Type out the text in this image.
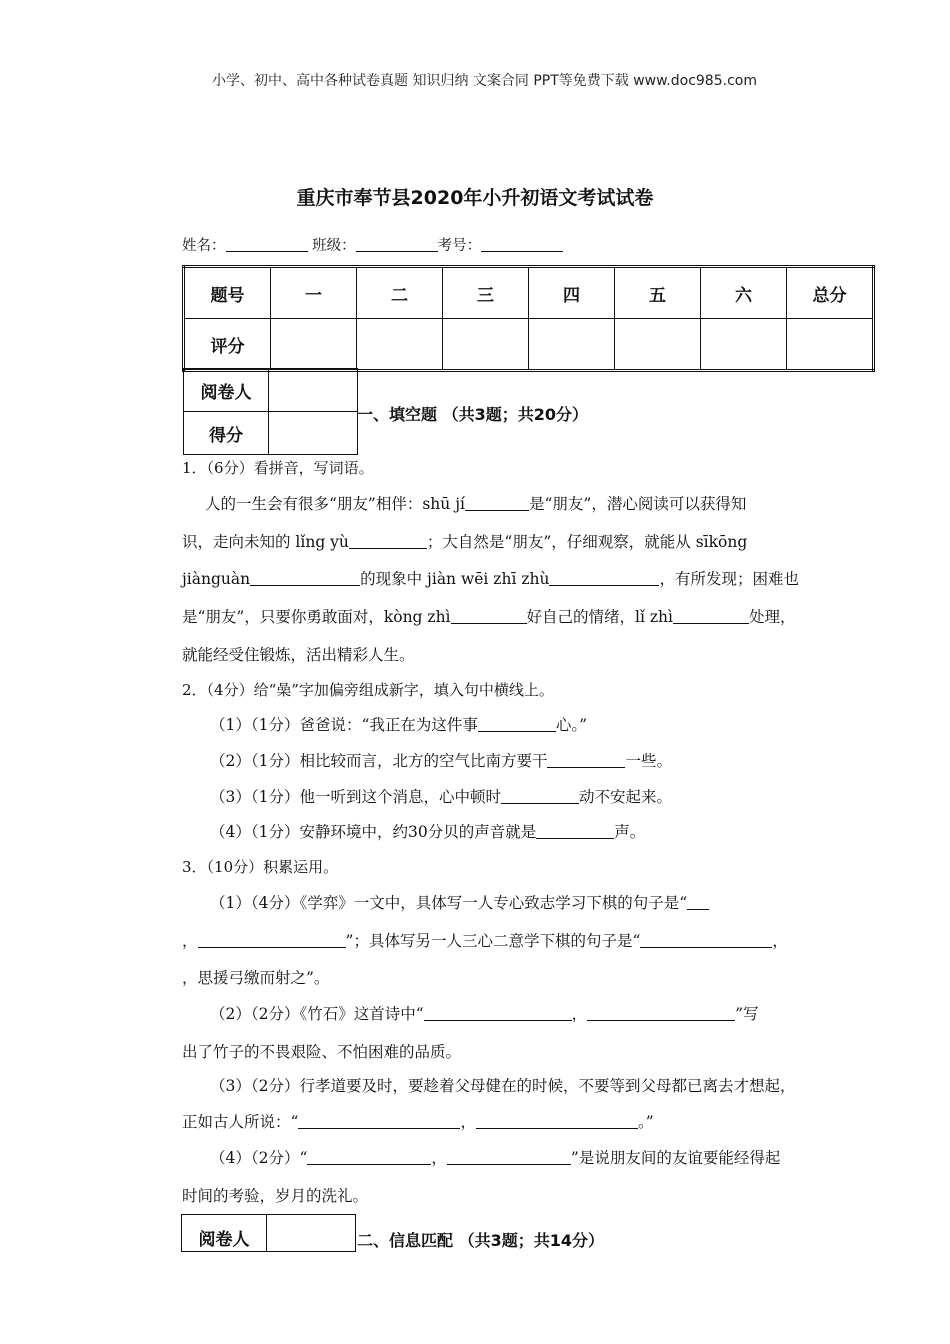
小学、初中、高中各种试卷真题 知识归纳 文案合同 PPT等免费下载 www.doc985.com
重庆市奉节县2020年小升初语文考试试卷
姓名：	班级：	考号：
题号	一	二	三	四	五	六	总分
评分							
阅卷人	
得分	
一、填空题 （共3题；共20分）
1．（6分）看拼音，写词语。
人的一生会有很多“朋友”相伴：shū jí	是“朋友”，潜心阅读可以获得知
识，走向未知的 lǐng yù	；大自然是“朋友”，仔细观察，就能从 sīkōng
jiànguàn	的现象中 jiàn wēi zhī zhù	，有所发现；困难也
是“朋友”，只要你勇敢面对，kòng zhì	好自己的情绪，lǐ zhì	处理，
就能经受住锻炼，活出精彩人生。
2．（4分）给“喿”字加偏旁组成新字，填入句中横线上。
（1）（1分）爸爸说：“我正在为这件事	心。”
（2）（1分）相比较而言，北方的空气比南方要干	一些。
（3）（1分）他一听到这个消息，心中顿时	动不安起来。
（4）（1分）安静环境中，约30分贝的声音就是	声。
3．（10分）积累运用。
（1）（4分）《学弈》一文中，具体写一人专心致志学习下棋的句子是“
，	”；具体写另一人三心二意学下棋的句子是“	，
，思援弓缴而射之”。
（2）（2分）《竹石》这首诗中“	，	”写
出了竹子的不畏艰险、不怕困难的品质。
（3）（2分）行孝道要及时，要趁着父母健在的时候，不要等到父母都已离去才想起，
正如古人所说：“	，	。”
（4）（2分）“	，	”是说朋友间的友谊要能经得起
时间的考验，岁月的洗礼。
阅卷人		二、信息匹配 （共3题；共14分）
